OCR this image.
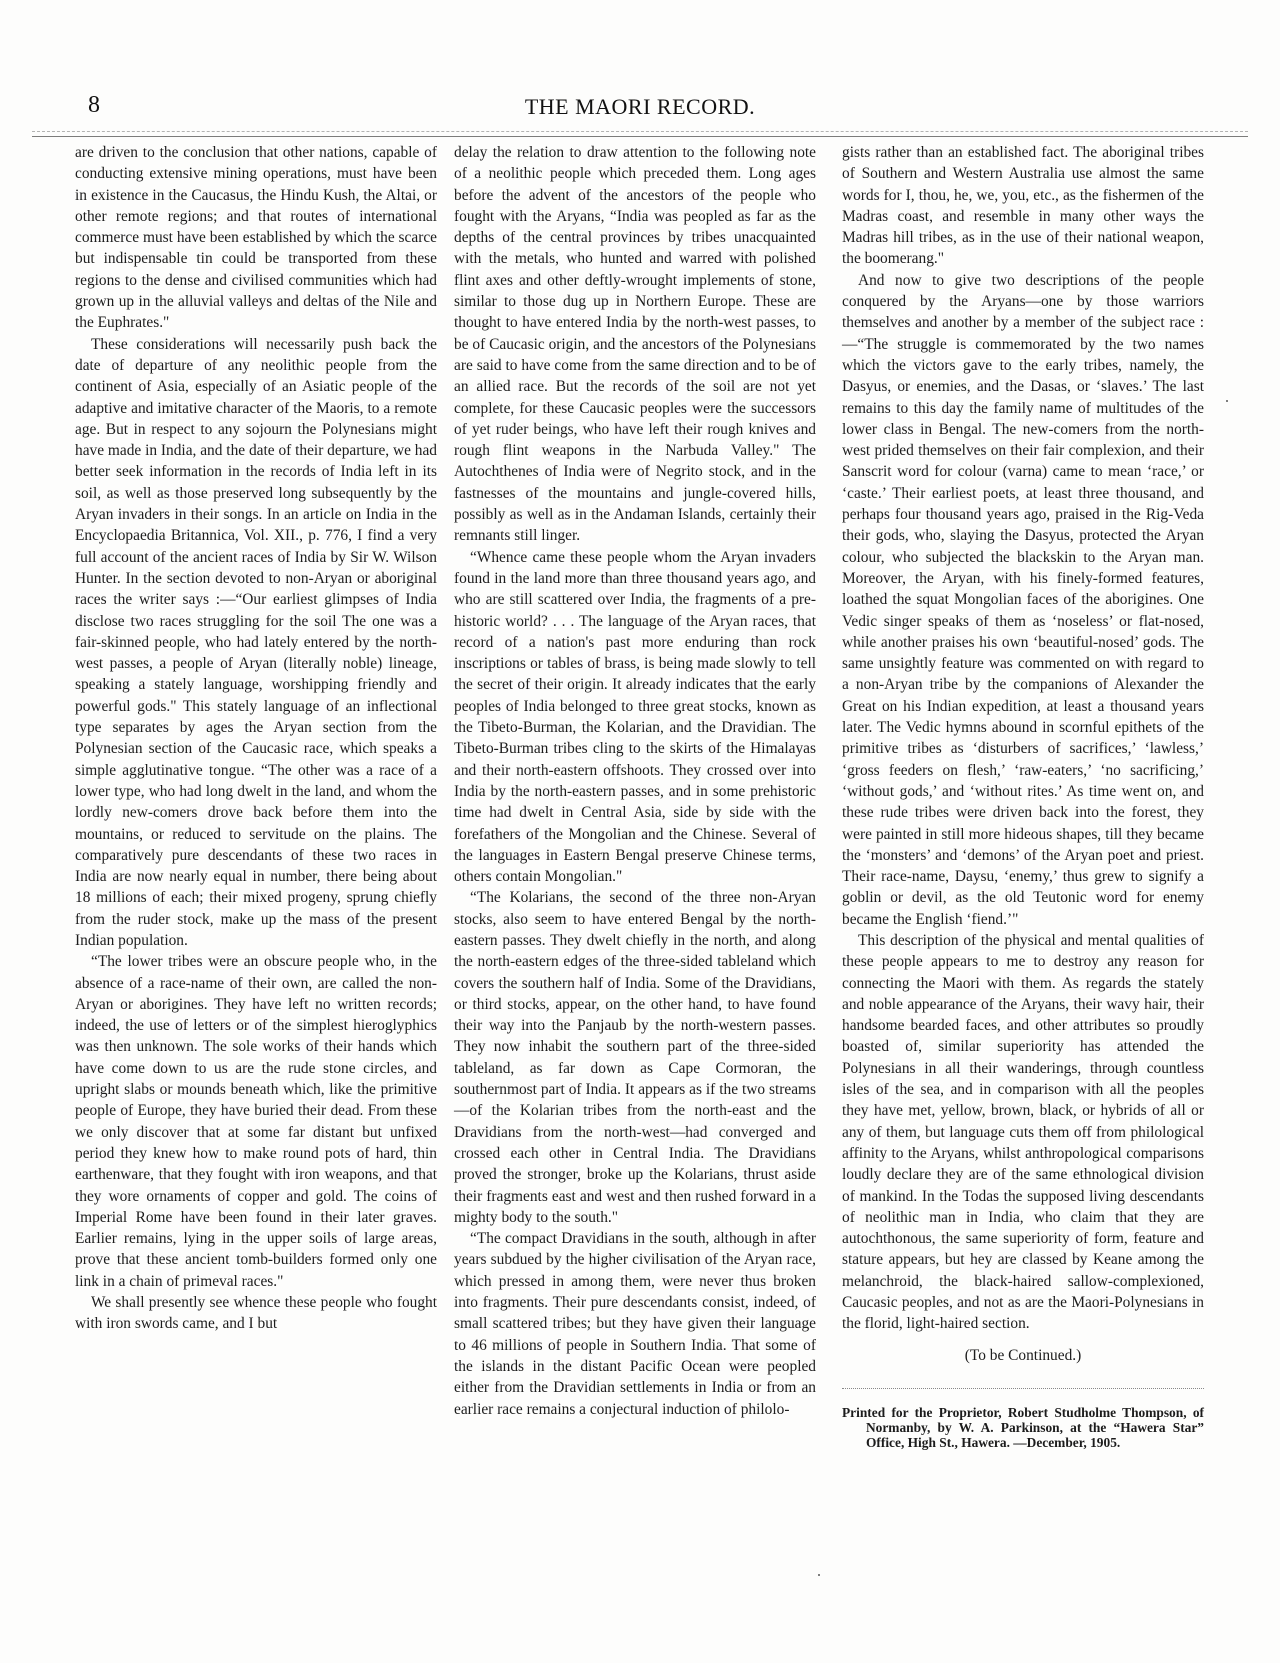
8	THE MAORI RECORD.

are driven to the conclusion that other nations, capable of conducting extensive mining operations, must have been in existence in the Caucasus, the Hindu Kush, the Altai, or other remote regions; and that routes of international commerce must have been established by which the scarce but indispensable tin could be transported from these regions to the dense and civilised communities which had grown up in the alluvial valleys and deltas of the Nile and the Euphrates."

These considerations will necessarily push back the date of departure of any neolithic people from the continent of Asia, especially of an Asiatic people of the adaptive and imitative character of the Maoris, to a remote age. But in respect to any sojourn the Polynesians might have made in India, and the date of their departure, we had better seek information in the records of India left in its soil, as well as those preserved long subsequently by the Aryan invaders in their songs. In an article on India in the Encyclopaedia Britannica, Vol. XII., p. 776, I find a very full account of the ancient races of India by Sir W. Wilson Hunter. In the section devoted to non-Aryan or aboriginal races the writer says :—“Our earliest glimpses of India disclose two races struggling for the soil The one was a fair-skinned people, who had lately entered by the north-west passes, a people of Aryan (literally noble) lineage, speaking a stately language, worshipping friendly and powerful gods." This stately language of an inflectional type separates by ages the Aryan section from the Polynesian section of the Caucasic race, which speaks a simple agglutinative tongue. “The other was a race of a lower type, who had long dwelt in the land, and whom the lordly new-comers drove back before them into the mountains, or reduced to servitude on the plains. The comparatively pure descendants of these two races in India are now nearly equal in number, there being about 18 millions of each; their mixed progeny, sprung chiefly from the ruder stock, make up the mass of the present Indian population.

“The lower tribes were an obscure people who, in the absence of a race-name of their own, are called the non-Aryan or aborigines. They have left no written records; indeed, the use of letters or of the simplest hieroglyphics was then unknown. The sole works of their hands which have come down to us are the rude stone circles, and upright slabs or mounds beneath which, like the primitive people of Europe, they have buried their dead. From these we only discover that at some far distant but unfixed period they knew how to make round pots of hard, thin earthenware, that they fought with iron weapons, and that they wore ornaments of copper and gold. The coins of Imperial Rome have been found in their later graves. Earlier remains, lying in the upper soils of large areas, prove that these ancient tomb-builders formed only one link in a chain of primeval races."

We shall presently see whence these people who fought with iron swords came, and I but

delay the relation to draw attention to the following note of a neolithic people which preceded them. Long ages before the advent of the ancestors of the people who fought with the Aryans, “India was peopled as far as the depths of the central provinces by tribes unacquainted with the metals, who hunted and warred with polished flint axes and other deftly-wrought implements of stone, similar to those dug up in Northern Europe. These are thought to have entered India by the north-west passes, to be of Caucasic origin, and the ancestors of the Polynesians are said to have come from the same direction and to be of an allied race. But the records of the soil are not yet complete, for these Caucasic peoples were the successors of yet ruder beings, who have left their rough knives and rough flint weapons in the Narbuda Valley." The Autochthenes of India were of Negrito stock, and in the fastnesses of the mountains and jungle-covered hills, possibly as well as in the Andaman Islands, certainly their remnants still linger.

“Whence came these people whom the Aryan invaders found in the land more than three thousand years ago, and who are still scattered over India, the fragments of a pre-historic world? . . . The language of the Aryan races, that record of a nation's past more enduring than rock inscriptions or tables of brass, is being made slowly to tell the secret of their origin. It already indicates that the early peoples of India belonged to three great stocks, known as the Tibeto-Burman, the Kolarian, and the Dravidian. The Tibeto-Burman tribes cling to the skirts of the Himalayas and their north-eastern offshoots. They crossed over into India by the north-eastern passes, and in some prehistoric time had dwelt in Central Asia, side by side with the forefathers of the Mongolian and the Chinese. Several of the languages in Eastern Bengal preserve Chinese terms, others contain Mongolian."

“The Kolarians, the second of the three non-Aryan stocks, also seem to have entered Bengal by the north-eastern passes. They dwelt chiefly in the north, and along the north-eastern edges of the three-sided tableland which covers the southern half of India. Some of the Dravidians, or third stocks, appear, on the other hand, to have found their way into the Panjaub by the north-western passes. They now inhabit the southern part of the three-sided tableland, as far down as Cape Cormoran, the southernmost part of India. It appears as if the two streams—of the Kolarian tribes from the north-east and the Dravidians from the north-west—had converged and crossed each other in Central India. The Dravidians proved the stronger, broke up the Kolarians, thrust aside their fragments east and west and then rushed forward in a mighty body to the south."

“The compact Dravidians in the south, although in after years subdued by the higher civilisation of the Aryan race, which pressed in among them, were never thus broken into fragments. Their pure descendants consist, indeed, of small scattered tribes; but they have given their language to 46 millions of people in Southern India. That some of the islands in the distant Pacific Ocean were peopled either from the Dravidian settlements in India or from an earlier race remains a conjectural induction of philolo-

gists rather than an established fact. The aboriginal tribes of Southern and Western Australia use almost the same words for I, thou, he, we, you, etc., as the fishermen of the Madras coast, and resemble in many other ways the Madras hill tribes, as in the use of their national weapon, the boomerang."

And now to give two descriptions of the people conquered by the Aryans—one by those warriors themselves and another by a member of the subject race :—“The struggle is commemorated by the two names which the victors gave to the early tribes, namely, the Dasyus, or enemies, and the Dasas, or ‘slaves.’ The last remains to this day the family name of multitudes of the lower class in Bengal. The new-comers from the north-west prided themselves on their fair complexion, and their Sanscrit word for colour (varna) came to mean ‘race,’ or ‘caste.’ Their earliest poets, at least three thousand, and perhaps four thousand years ago, praised in the Rig-Veda their gods, who, slaying the Dasyus, protected the Aryan colour, who subjected the blackskin to the Aryan man. Moreover, the Aryan, with his finely-formed features, loathed the squat Mongolian faces of the aborigines. One Vedic singer speaks of them as ‘noseless’ or flat-nosed, while another praises his own ‘beautiful-nosed’ gods. The same unsightly feature was commented on with regard to a non-Aryan tribe by the companions of Alexander the Great on his Indian expedition, at least a thousand years later. The Vedic hymns abound in scornful epithets of the primitive tribes as ‘disturbers of sacrifices,’ ‘lawless,’ ‘gross feeders on flesh,’ ‘raw-eaters,’ ‘no sacrificing,’ ‘without gods,’ and ‘without rites.’ As time went on, and these rude tribes were driven back into the forest, they were painted in still more hideous shapes, till they became the ‘monsters’ and ‘demons’ of the Aryan poet and priest. Their race-name, Daysu, ‘enemy,’ thus grew to signify a goblin or devil, as the old Teutonic word for enemy became the English ‘fiend.’"

This description of the physical and mental qualities of these people appears to me to destroy any reason for connecting the Maori with them. As regards the stately and noble appearance of the Aryans, their wavy hair, their handsome bearded faces, and other attributes so proudly boasted of, similar superiority has attended the Polynesians in all their wanderings, through countless isles of the sea, and in comparison with all the peoples they have met, yellow, brown, black, or hybrids of all or any of them, but language cuts them off from philological affinity to the Aryans, whilst anthropological comparisons loudly declare they are of the same ethnological division of mankind. In the Todas the supposed living descendants of neolithic man in India, who claim that they are autochthonous, the same superiority of form, feature and stature appears, but hey are classed by Keane among the melanchroid, the black-haired sallow-complexioned, Caucasic peoples, and not as are the Maori-Polynesians in the florid, light-haired section.

(To be Continued.)

Printed for the Proprietor, Robert Studholme Thompson, of Normanby, by W. A. Parkinson, at the “Hawera Star” Office, High St., Hawera. —December, 1905.
